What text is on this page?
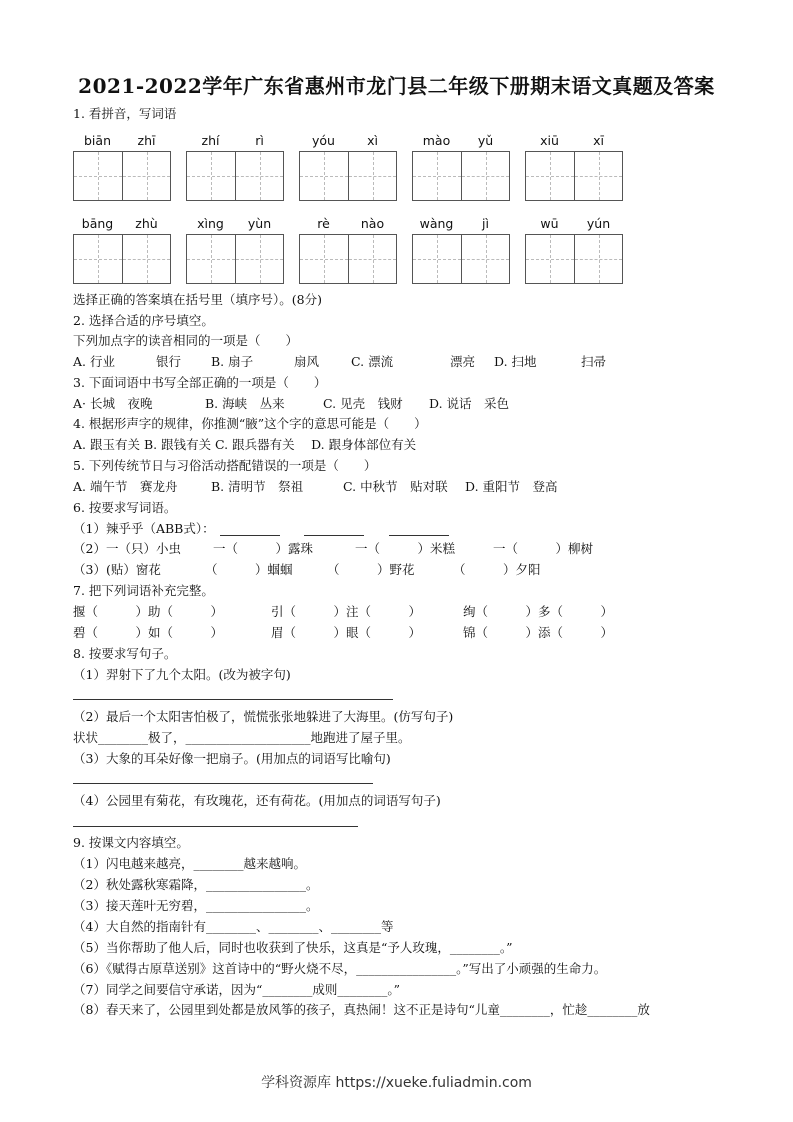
2021-2022学年广东省惠州市龙门县二年级下册期末语文真题及答案
1. 看拼音，写词语
biān	zhī	zhí	rì	yóu	xì	mào	yǔ	xiū	xī
bāng	zhù	xìng	yùn	rè	nào	wàng	jì	wū	yún
选择正确的答案填在括号里（填序号）。(8分)
2. 选择合适的序号填空。
下列加点字的读音相同的一项是（　　）
A. 行业	银行 B. 扇子	扇风	C. 漂流	漂亮 D. 扫地	扫帚
3. 下面词语中书写全部正确的一项是（　　）
A· 长城　夜晚	B. 海峡　丛来	C. 见壳　钱财 D. 说话　采色
4. 根据形声字的规律，你推测“腋”这个字的意思可能是（　　）
A. 跟玉有关 B. 跟钱有关 C. 跟兵器有关　 D. 跟身体部位有关
5. 下列传统节日与习俗活动搭配错误的一项是（　　）
A. 端午节　赛龙舟	B. 清明节　祭祖	C. 中秋节　贴对联 D. 重阳节　登高
6. 按要求写词语。
（1）辣乎乎（ABB式）：
（2）一（只）小虫	一（　　　）露珠	一（　　　）米糕	一（　　　）柳树
（3）(贴）窗花	（　　　）蝈蝈	（　　　）野花	（　　　）夕阳
7. 把下列词语补充完整。
揠（　　　）助（　　　）	引（　　　）注（　　　）	绚（　　　）多（　　　）
碧（　　　）如（　　　）	眉（　　　）眼（　　　）	锦（　　　）添（　　　）
8. 按要求写句子。
（1）羿射下了九个太阳。(改为被字句)
（2）最后一个太阳害怕极了，慌慌张张地躲进了大海里。(仿写句子)
状状________极了，____________________地跑进了屋子里。
（3）大象的耳朵好像一把扇子。(用加点的词语写比喻句)
（4）公园里有菊花，有玫瑰花，还有荷花。(用加点的词语写句子)
9. 按课文内容填空。
（1）闪电越来越亮，________越来越响。
（2）秋处露秋寒霜降，________________。
（3）接天莲叶无穷碧，________________。
（4）大自然的指南针有________、________、________等
（5）当你帮助了他人后，同时也收获到了快乐，这真是“予人玫瑰，________。”
（6）《赋得古原草送别》这首诗中的“野火烧不尽，________________。”写出了小顽强的生命力。
（7）同学之间要信守承诺，因为“________成则________。”
（8）春天来了，公园里到处都是放风筝的孩子，真热闹！这不正是诗句“儿童________，忙趁________放
学科资源库 https://xueke.fuliadmin.com
